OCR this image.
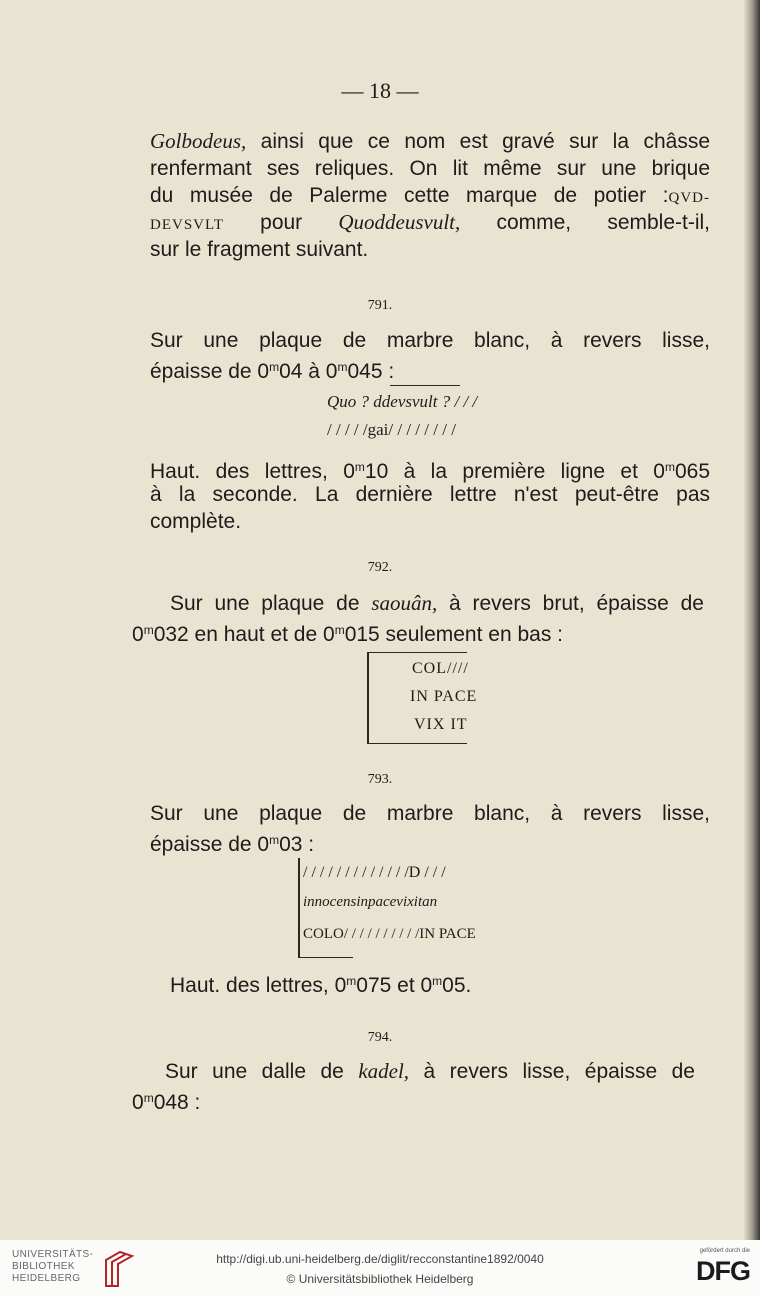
— 18 —
Golbodeus, ainsi que ce nom est gravé sur la châsse
renfermant ses reliques. On lit même sur une brique
du musée de Palerme cette marque de potier :QVD-
DEVSVLT pour Quoddeusvult, comme, semble-t-il,
sur le fragment suivant.
791.
Sur une plaque de marbre blanc, à revers lisse,
épaisse de 0$^m$04 à 0$^m$045 :
Quo ? ddevsvult ? / / /
/ / / / /gai/ / / / / / / /
Haut. des lettres, 0$^m$10 à la première ligne et 0$^m$065
à la seconde. La dernière lettre n'est peut-être pas
complète.
792.
Sur une plaque de saouân, à revers brut, épaisse de
0$^m$032 en haut et de 0$^m$015 seulement en bas :
COL////
IN PACE
VIX IT
793.
Sur une plaque de marbre blanc, à revers lisse,
épaisse de 0$^m$03 :
/ / / / / / / / / / / / /D / / /
innocensinpacevixitan
COLO/ / / / / / / / / /IN PACE
Haut. des lettres, 0$^m$075 et 0$^m$05.
794.
Sur une dalle de kadel, à revers lisse, épaisse de
0$^m$048 :
UNIVERSITÄTS-
BIBLIOTHEK
HEIDELBERG
http://digi.ub.uni-heidelberg.de/diglit/recconstantine1892/0040
© Universitätsbibliothek Heidelberg
gefördert durch die
DFG
